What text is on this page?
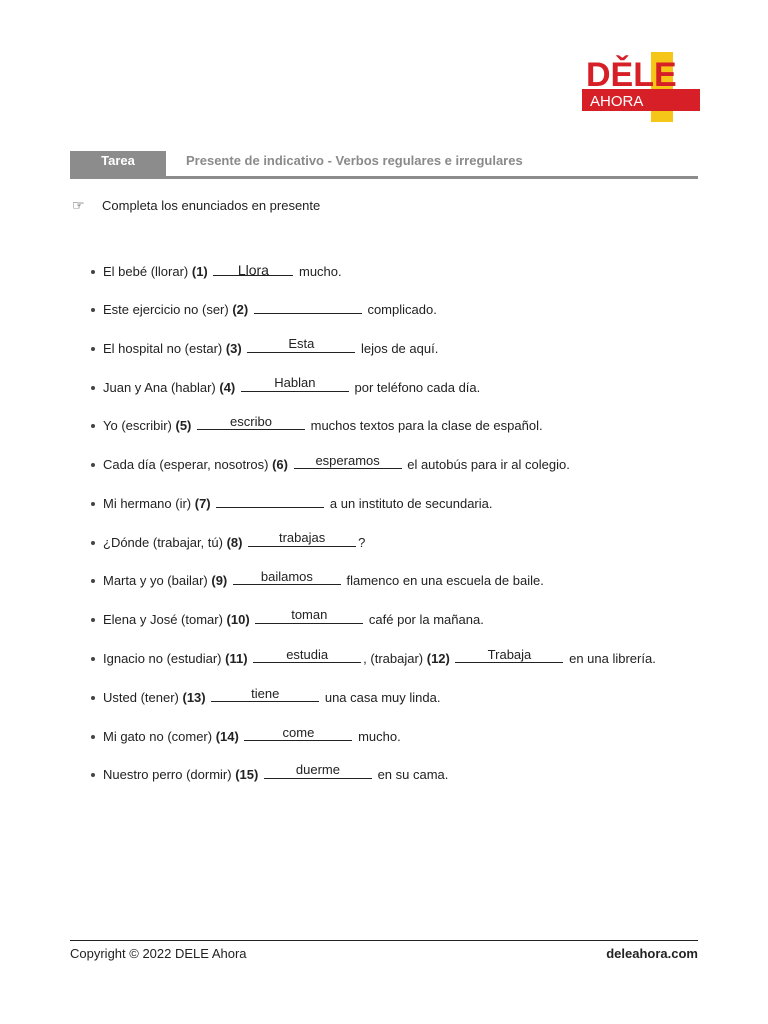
DĚLE
AHORA
Tarea	Presente de indicativo - Verbos regulares e irregulares
☞ Completa los enunciados en presente
El bebé (llorar) (1)	Llora	mucho.
Este ejercicio no (ser) (2)	complicado.
El hospital no (estar) (3)	Esta	lejos de aquí.
Juan y Ana (hablar) (4)	Hablan	por teléfono cada día.
Yo (escribir) (5)	escribo	muchos textos para la clase de español.
Cada día (esperar, nosotros) (6)	esperamos	el autobús para ir al colegio.
Mi hermano (ir) (7)	a un instituto de secundaria.
¿Dónde (trabajar, tú) (8)	trabajas	?
Marta y yo (bailar) (9)	bailamos	flamenco en una escuela de baile.
Elena y José (tomar) (10)	toman	café por la mañana.
Ignacio no (estudiar) (11)	estudia	, (trabajar) (12)	Trabaja	en una librería.
Usted (tener) (13)	tiene	una casa muy linda.
Mi gato no (comer) (14)	come	mucho.
Nuestro perro (dormir) (15)	duerme	en su cama.
Copyright © 2022 DELE Ahora	deleahora.com
